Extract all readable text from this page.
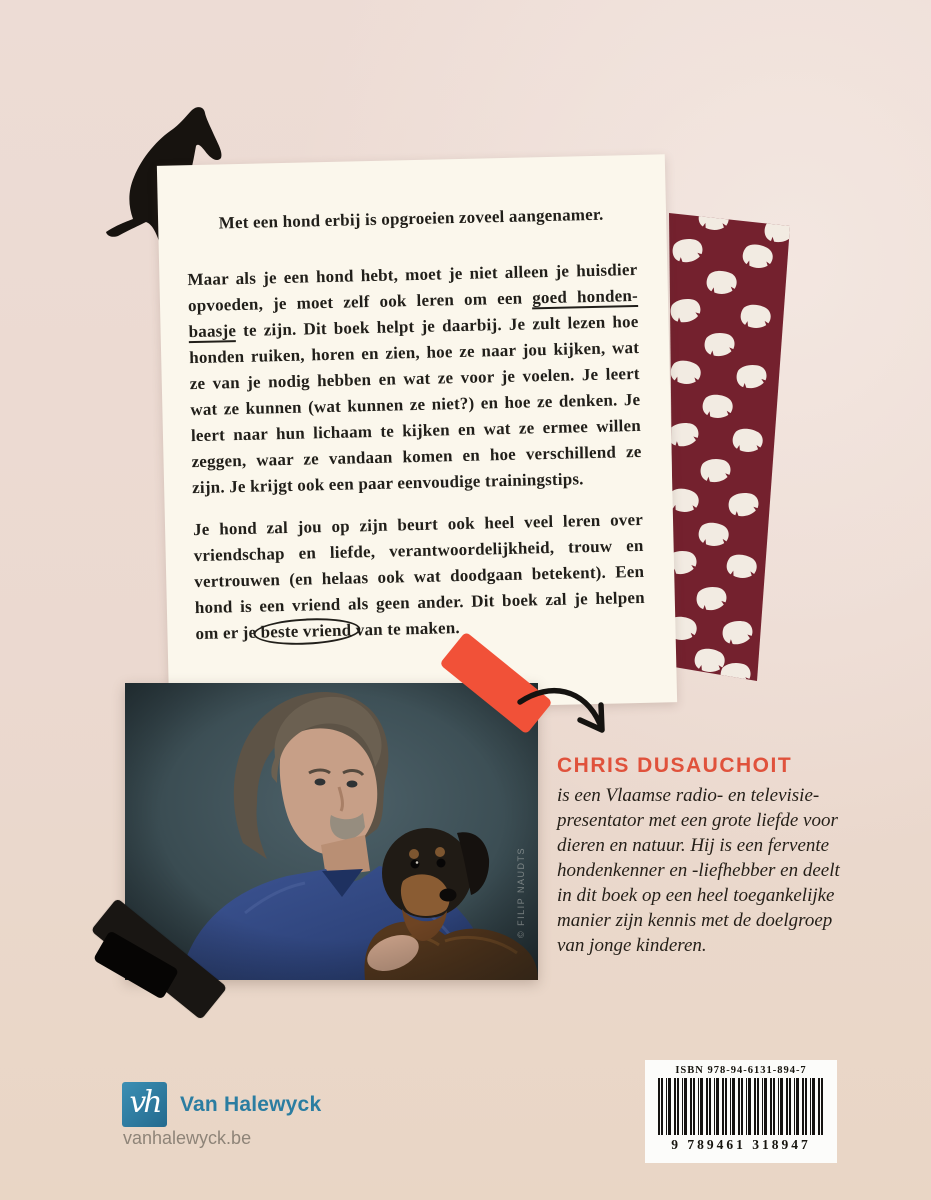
Met een hond erbij is opgroeien zoveel aangenamer.
Maar als je een hond hebt, moet je niet alleen je huisdier
opvoeden, je moet zelf ook leren om een goed honden-
baasje te zijn. Dit boek helpt je daarbij. Je zult lezen hoe
honden ruiken, horen en zien, hoe ze naar jou kijken, wat
ze van je nodig hebben en wat ze voor je voelen. Je leert
wat ze kunnen (wat kunnen ze niet?) en hoe ze denken. Je
leert naar hun lichaam te kijken en wat ze ermee willen
zeggen, waar ze vandaan komen en hoe verschillend ze
zijn. Je krijgt ook een paar eenvoudige trainingstips.
Je hond zal jou op zijn beurt ook heel veel leren over
vriendschap en liefde, verantwoordelijkheid, trouw en
vertrouwen (en helaas ook wat doodgaan betekent). Een
hond is een vriend als geen ander. Dit boek zal je helpen
om er je beste vriend van te maken.
© FILIP NAUDTS
CHRIS DUSAUCHOIT
is een Vlaamse radio- en televisie-
presentator met een grote liefde voor
dieren en natuur. Hij is een fervente
hondenkenner en -liefhebber en deelt
in dit boek op een heel toegankelijke
manier zijn kennis met de doelgroep
van jonge kinderen.
vh Van Halewyck
vanhalewyck.be
ISBN 978-94-6131-894-7
9 789461 318947
